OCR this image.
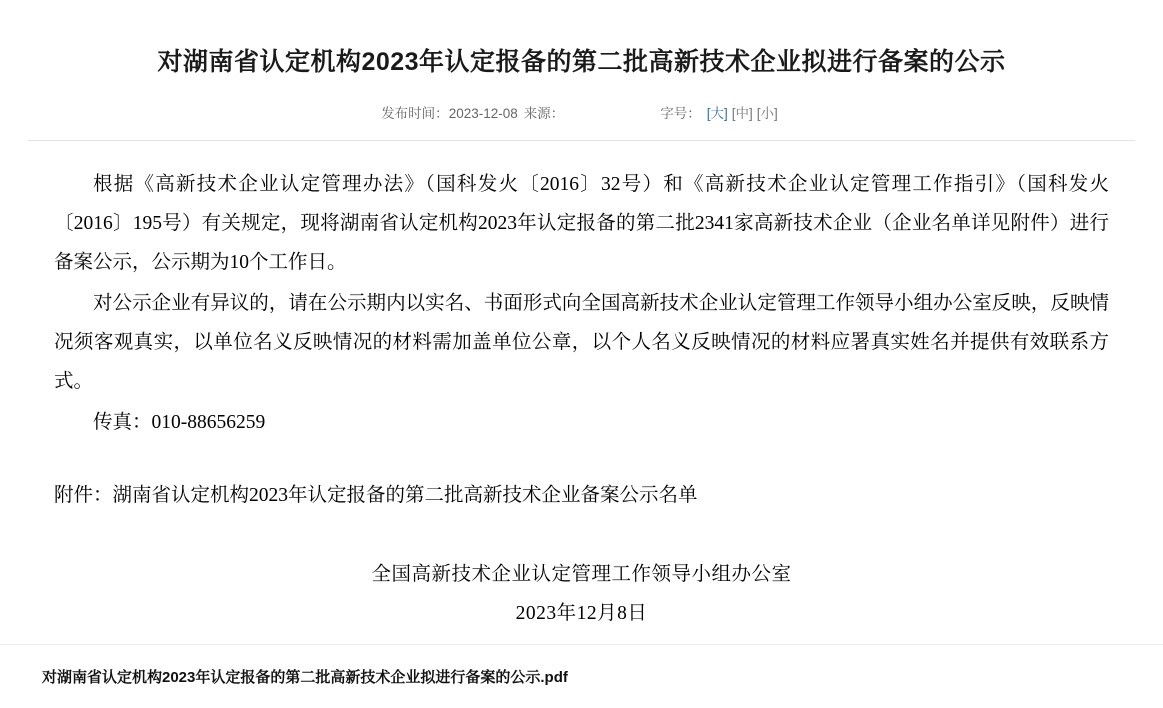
对湖南省认定机构2023年认定报备的第二批高新技术企业拟进行备案的公示
发布时间：2023-12-08 来源：	字号： [大] [中] [小]

根据《高新技术企业认定管理办法》（国科发火〔2016〕32号）和《高新技术企业认定管理工作指引》（国科发火〔2016〕195号）有关规定，现将湖南省认定机构2023年认定报备的第二批2341家高新技术企业（企业名单详见附件）进行备案公示，公示期为10个工作日。

对公示企业有异议的，请在公示期内以实名、书面形式向全国高新技术企业认定管理工作领导小组办公室反映，反映情况须客观真实，以单位名义反映情况的材料需加盖单位公章，以个人名义反映情况的材料应署真实姓名并提供有效联系方式。

传真：010-88656259

附件：湖南省认定机构2023年认定报备的第二批高新技术企业备案公示名单

全国高新技术企业认定管理工作领导小组办公室
2023年12月8日
对湖南省认定机构2023年认定报备的第二批高新技术企业拟进行备案的公示.pdf
